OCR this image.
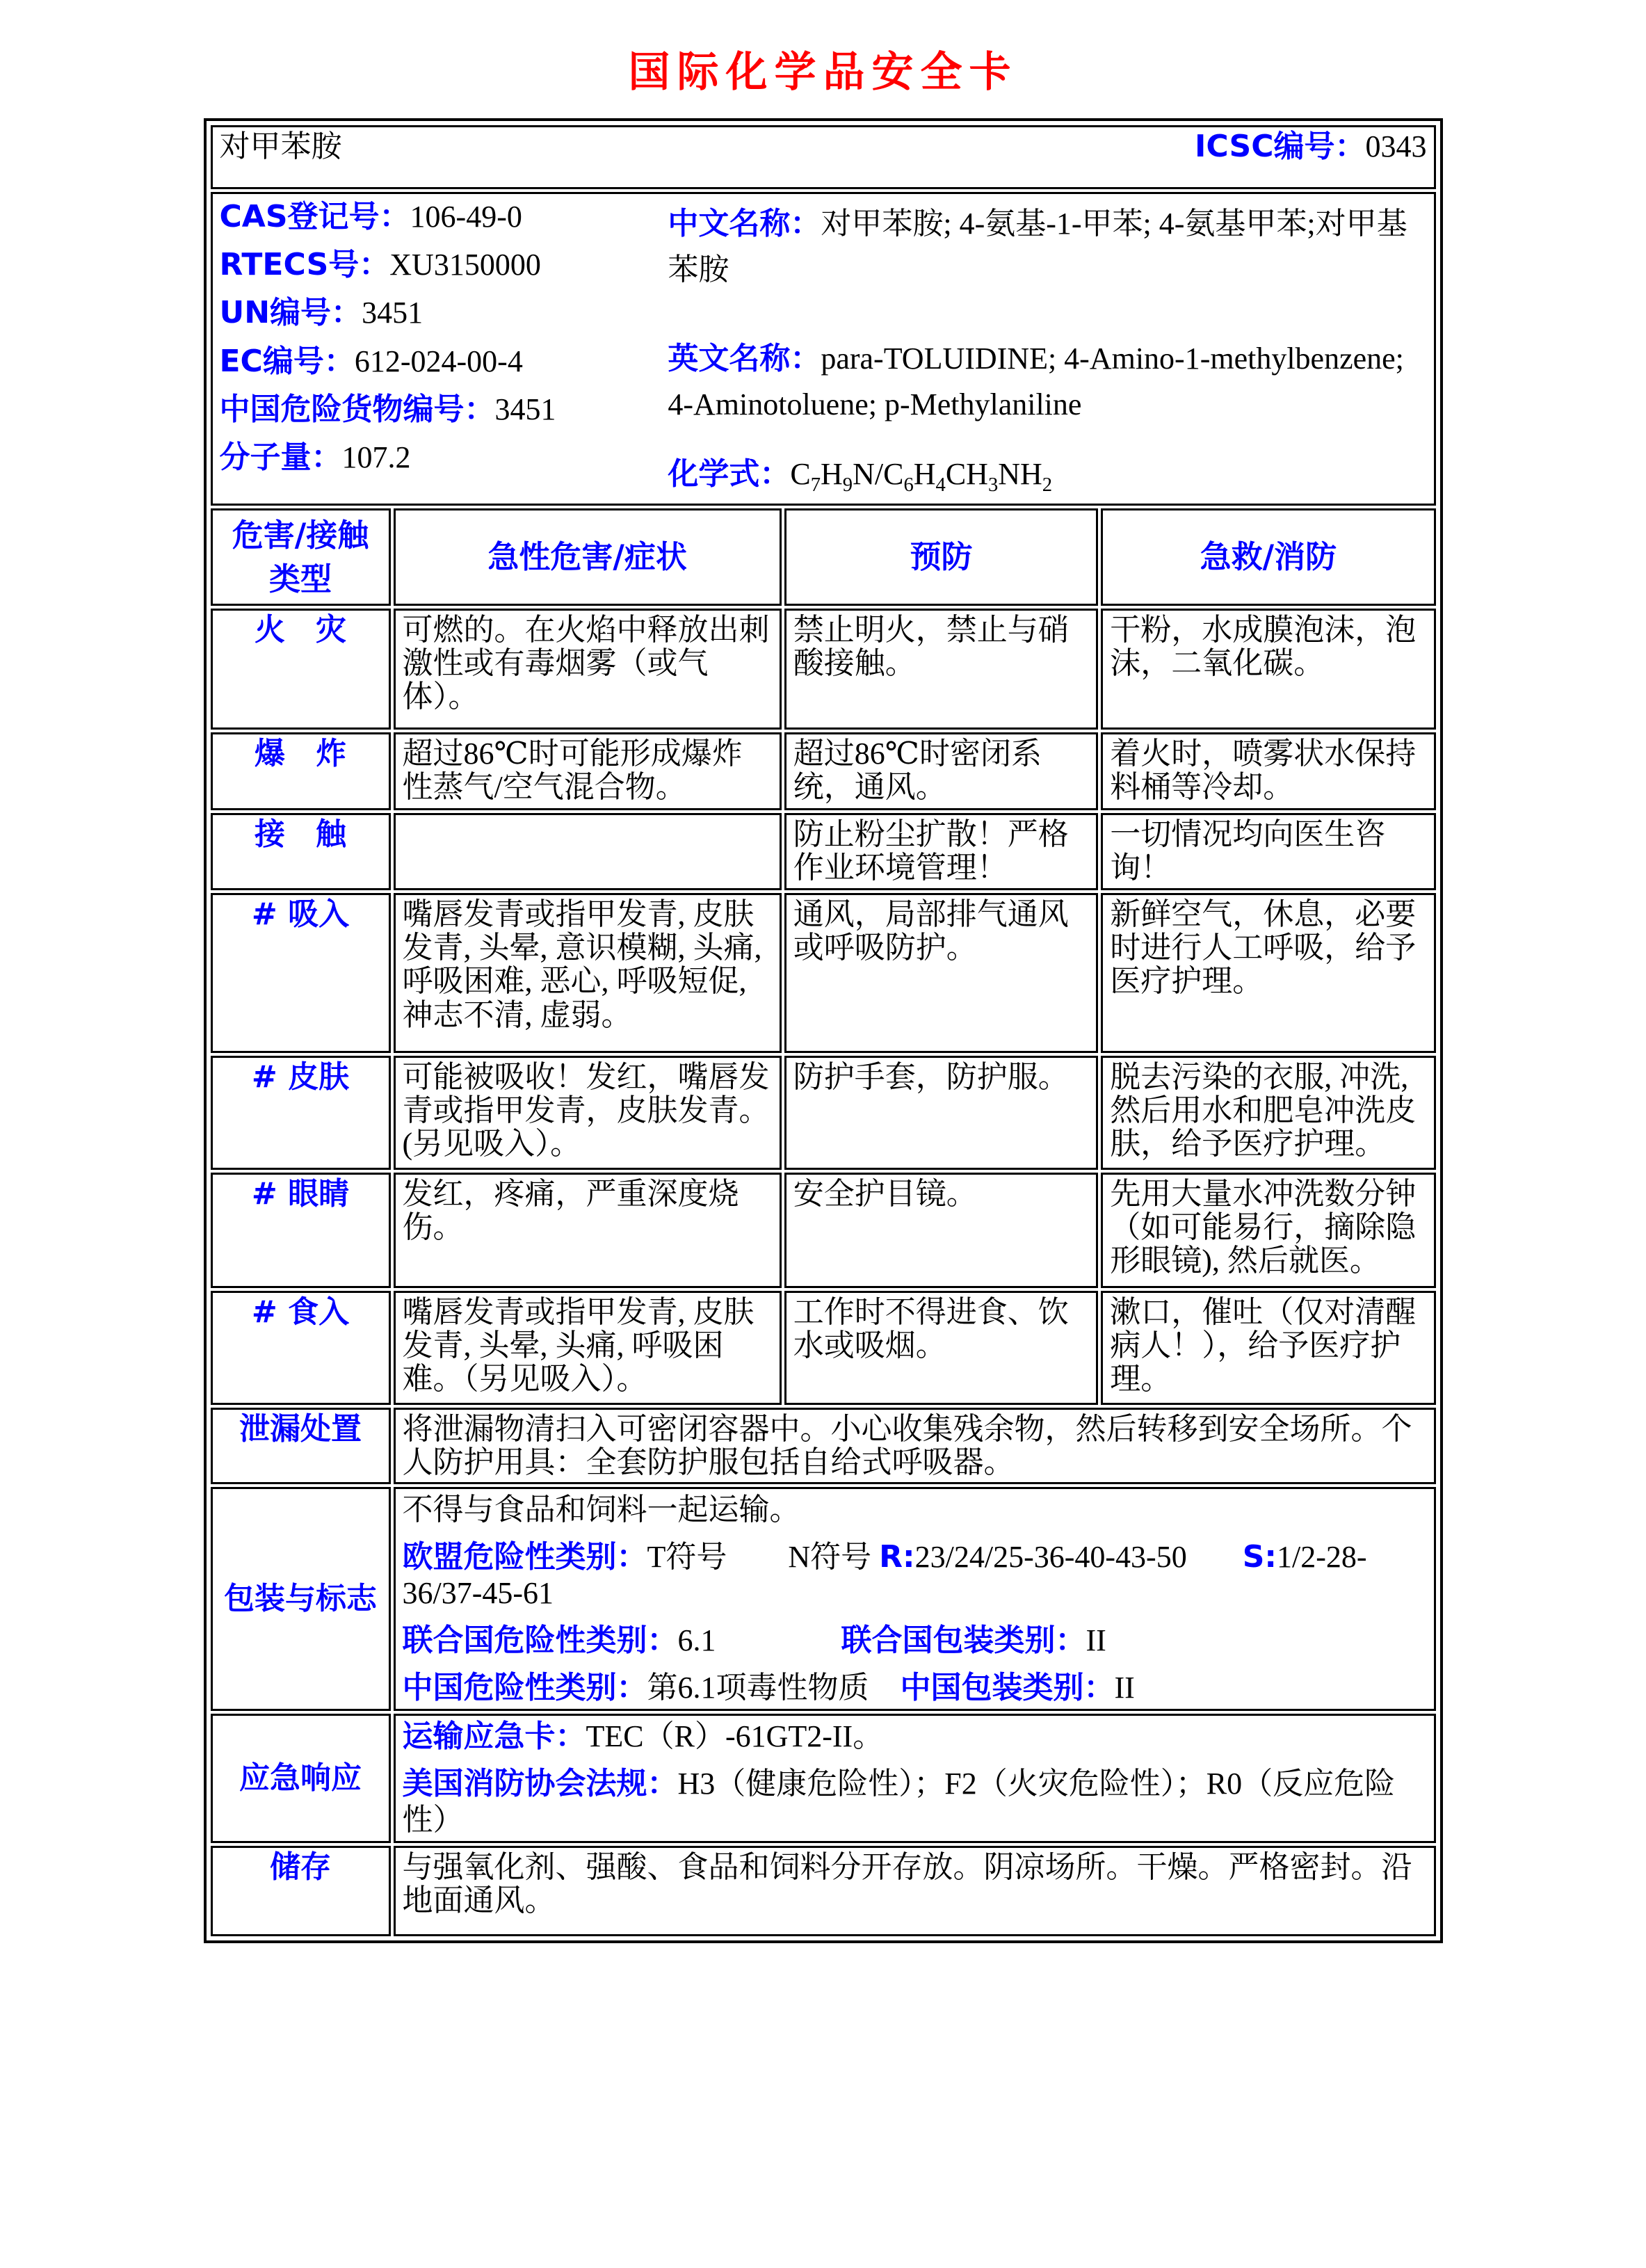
国际化学品安全卡
对甲苯胺 ICSC编号：0343			

CAS登记号：106-49-0

RTECS号：XU3150000

UN编号：3451

EC编号：612-024-00-4

中国危险货物编号：3451

分子量：107.2

中文名称：对甲苯胺; 4-氨基-1-甲苯; 4-氨基甲苯;对甲基苯胺

英文名称：para-TOLUIDINE; 4-Amino-1-methylbenzene; 4-Aminotoluene; p-Methylaniline

化学式：$C_7H_9N/C_6H_4CH_3NH_2$

危害/接触类型	急性危害/症状	预防	急救/消防
火　灾	可燃的。在火焰中释放出刺激性或有毒烟雾（或气体）。	禁止明火，禁止与硝酸接触。	干粉，水成膜泡沫，泡沫，二氧化碳。
爆　炸	超过86℃时可能形成爆炸性蒸气/空气混合物。	超过86℃时密闭系统，通风。	着火时，喷雾状水保持料桶等冷却。
接　触		防止粉尘扩散！严格作业环境管理！	一切情况均向医生咨询！
# 吸入	嘴唇发青或指甲发青, 皮肤发青, 头晕, 意识模糊, 头痛, 呼吸困难, 恶心, 呼吸短促, 神志不清, 虚弱。	通风，局部排气通风或呼吸防护。	新鲜空气，休息，必要时进行人工呼吸，给予医疗护理。
# 皮肤	可能被吸收！发红，嘴唇发青或指甲发青，皮肤发青。(另见吸入）。	防护手套，防护服。	脱去污染的衣服, 冲洗, 然后用水和肥皂冲洗皮肤，给予医疗护理。
# 眼睛	发红，疼痛，严重深度烧伤。	安全护目镜。	先用大量水冲洗数分钟（如可能易行，摘除隐形眼镜), 然后就医。
# 食入	嘴唇发青或指甲发青, 皮肤发青, 头晕, 头痛, 呼吸困难。（另见吸入）。	工作时不得进食、饮水或吸烟。	漱口，催吐（仅对清醒病人！），给予医疗护理。
泄漏处置	将泄漏物清扫入可密闭容器中。小心收集残余物，然后转移到安全场所。个人防护用具：全套防护服包括自给式呼吸器。		
包装与标志	不得与食品和饲料一起运输。

欧盟危险性类别：T符号　　N符号 R:23/24/25-36-40-43-50 S:1/2-28-36/37-45-61

联合国危险性类别：6.1 联合国包装类别：II

中国危险性类别：第6.1项毒性物质 中国包装类别：II		

应急响应	运输应急卡：TEC（R）-61GT2-II。

美国消防协会法规：H3（健康危险性）；F2（火灾危险性）；R0（反应危险性）		

储存	与强氧化剂、强酸、食品和饲料分开存放。阴凉场所。干燥。严格密封。沿地面通风。		
